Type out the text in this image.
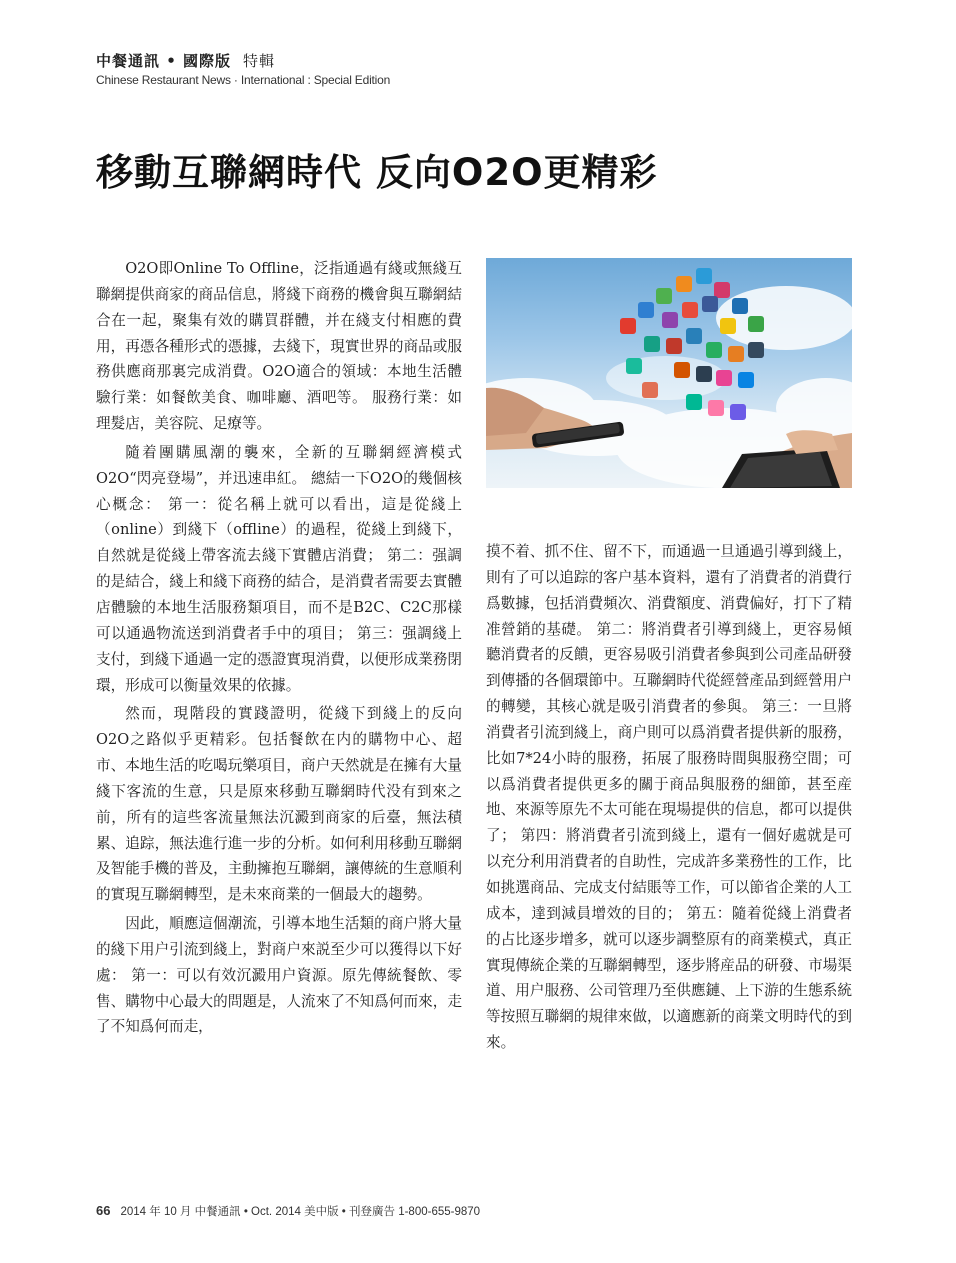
中餐通訊 • 國際版 特輯
Chinese Restaurant News · International : Special Edition
移動互聯網時代 反向O2O更精彩

O2O即Online To Offline，泛指通過有綫或無綫互聯網提供商家的商品信息，將綫下商務的機會與互聯網結合在一起，聚集有效的購買群體，并在綫支付相應的費用，再憑各種形式的憑據，去綫下，現實世界的商品或服務供應商那裏完成消費。O2O適合的領域：本地生活體驗行業：如餐飲美食、咖啡廳、酒吧等。 服務行業：如理髮店，美容院、足療等。

隨着團購風潮的襲來，全新的互聯網經濟模式O2O“閃亮登場”，并迅速串紅。 總結一下O2O的幾個核心概念： 第一：從名稱上就可以看出，這是從綫上（online）到綫下（offline）的過程，從綫上到綫下，自然就是從綫上帶客流去綫下實體店消費； 第二：强調的是結合，綫上和綫下商務的結合，是消費者需要去實體店體驗的本地生活服務類項目，而不是B2C、C2C那樣可以通過物流送到消費者手中的項目； 第三：强調綫上支付，到綫下通過一定的憑證實現消費，以便形成業務閉環，形成可以衡量效果的依據。

然而，現階段的實踐證明，從綫下到綫上的反向O2O之路似乎更精彩。包括餐飲在内的購物中心、超市、本地生活的吃喝玩樂項目，商户天然就是在擁有大量綫下客流的生意，只是原來移動互聯網時代没有到來之前，所有的這些客流量無法沉澱到商家的后臺，無法積累、追踪，無法進行進一步的分析。如何利用移動互聯網及智能手機的普及，主動擁抱互聯網，讓傳統的生意順利的實現互聯網轉型，是未來商業的一個最大的趨勢。

因此，順應這個潮流，引導本地生活類的商户將大量的綫下用户引流到綫上，對商户來説至少可以獲得以下好處： 第一：可以有效沉澱用户資源。原先傳統餐飲、零售、購物中心最大的問題是，人流來了不知爲何而來，走了不知爲何而走，

摸不着、抓不住、留不下，而通過一旦通過引導到綫上，則有了可以追踪的客户基本資料，還有了消費者的消費行爲數據，包括消費頻次、消費額度、消費偏好，打下了精准營銷的基礎。 第二：將消費者引導到綫上，更容易傾聽消費者的反饋，更容易吸引消費者參與到公司產品研發到傳播的各個環節中。互聯網時代從經營產品到經營用户的轉變，其核心就是吸引消費者的參與。 第三：一旦將消費者引流到綫上，商户則可以爲消費者提供新的服務，比如7*24小時的服務，拓展了服務時間與服務空間；可以爲消費者提供更多的關于商品與服務的細節，甚至産地、來源等原先不太可能在現場提供的信息，都可以提供了； 第四：將消費者引流到綫上，還有一個好處就是可以充分利用消費者的自助性，完成許多業務性的工作，比如挑選商品、完成支付結賬等工作，可以節省企業的人工成本，達到減員增效的目的； 第五：隨着從綫上消費者的占比逐步增多，就可以逐步調整原有的商業模式，真正實現傳統企業的互聯網轉型，逐步將産品的研發、市場渠道、用户服務、公司管理乃至供應鏈、上下游的生態系統等按照互聯網的規律來做，以適應新的商業文明時代的到來。

66 2014 年 10 月 中餐通訊 • Oct. 2014 美中版 • 刊登廣告 1-800-655-9870
